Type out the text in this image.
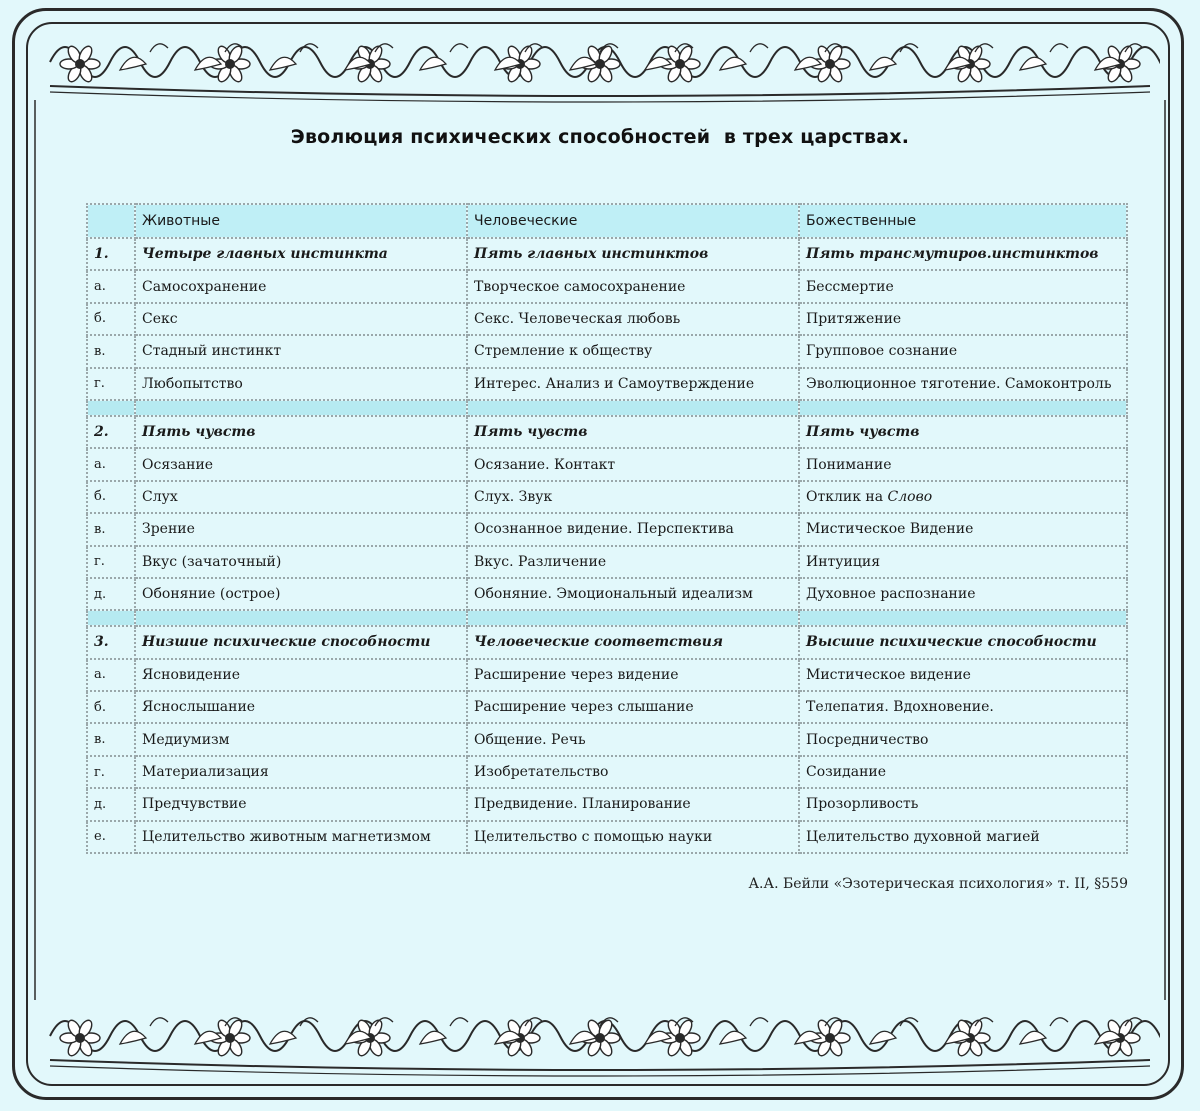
Эволюция психических способностей  в трех царствах.
	Животные	Человеческие	Божественные
1.	Четыре главных инстинкта	Пять главных инстинктов	Пять трансмутиров.инстинктов
а.	Самосохранение	Творческое самосохранение	Бессмертие
б.	Секс	Секс. Человеческая любовь	Притяжение
в.	Стадный инстинкт	Стремление к обществу	Групповое сознание
г.	Любопытство	Интерес. Анализ и Самоутверждение	Эволюционное тяготение. Самоконтроль

2.	Пять чувств	Пять чувств	Пять чувств
а.	Осязание	Осязание. Контакт	Понимание
б.	Слух	Слух. Звук	Отклик на Слово
в.	Зрение	Осознанное видение. Перспектива	Мистическое Видение
г.	Вкус (зачаточный)	Вкус. Различение	Интуиция
д.	Обоняние (острое)	Обоняние. Эмоциональный идеализм	Духовное распознание

3.	Низшие психические способности	Человеческие соответствия	Высшие психические способности
а.	Ясновидение	Расширение через видение	Мистическое видение
б.	Яснослышание	Расширение через слышание	Телепатия. Вдохновение.
в.	Медиумизм	Общение. Речь	Посредничество
г.	Материализация	Изобретательство	Созидание
д.	Предчувствие	Предвидение. Планирование	Прозорливость
е.	Целительство животным магнетизмом	Целительство с помощью науки	Целительство духовной магией
А.А. Бейли «Эзотерическая психология» т. II, §559
